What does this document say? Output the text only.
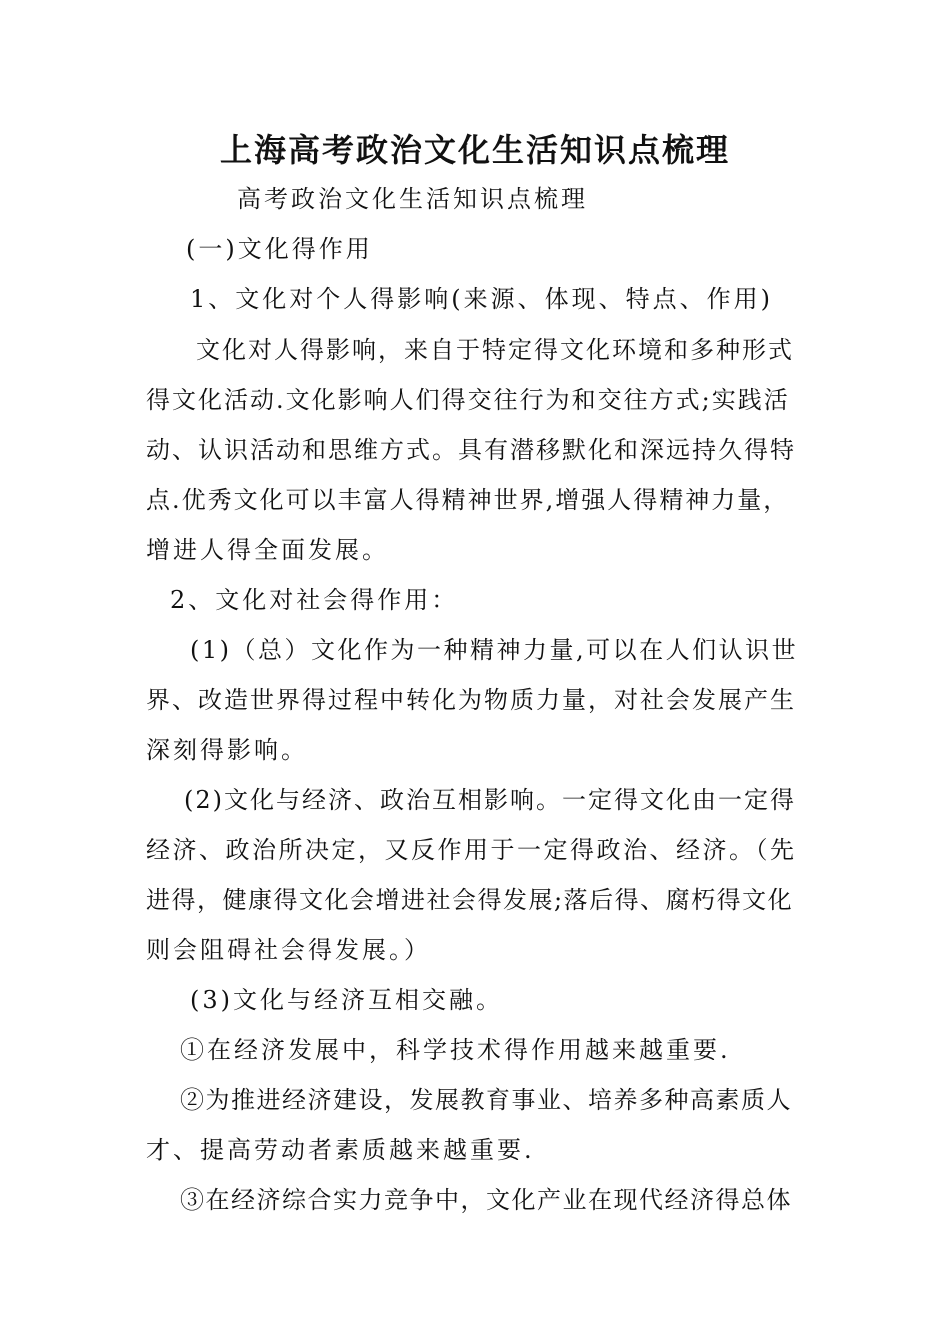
上海高考政治文化生活知识点梳理
高考政治文化生活知识点梳理
(一)文化得作用
1、文化对个人得影响(来源、体现、特点、作用)
文化对人得影响，来自于特定得文化环境和多种形式
得文化活动.文化影响人们得交往行为和交往方式;实践活
动、认识活动和思维方式。具有潜移默化和深远持久得特
点.优秀文化可以丰富人得精神世界,增强人得精神力量，
增进人得全面发展。
2、文化对社会得作用：
(1)（总）文化作为一种精神力量,可以在人们认识世
界、改造世界得过程中转化为物质力量，对社会发展产生
深刻得影响。
(2)文化与经济、政治互相影响。一定得文化由一定得
经济、政治所决定，又反作用于一定得政治、经济。（先
进得，健康得文化会增进社会得发展;落后得、腐朽得文化
则会阻碍社会得发展。）
(3)文化与经济互相交融。
①在经济发展中，科学技术得作用越来越重要.
②为推进经济建设，发展教育事业、培养多种高素质人
才、提高劳动者素质越来越重要.
③在经济综合实力竞争中，文化产业在现代经济得总体
